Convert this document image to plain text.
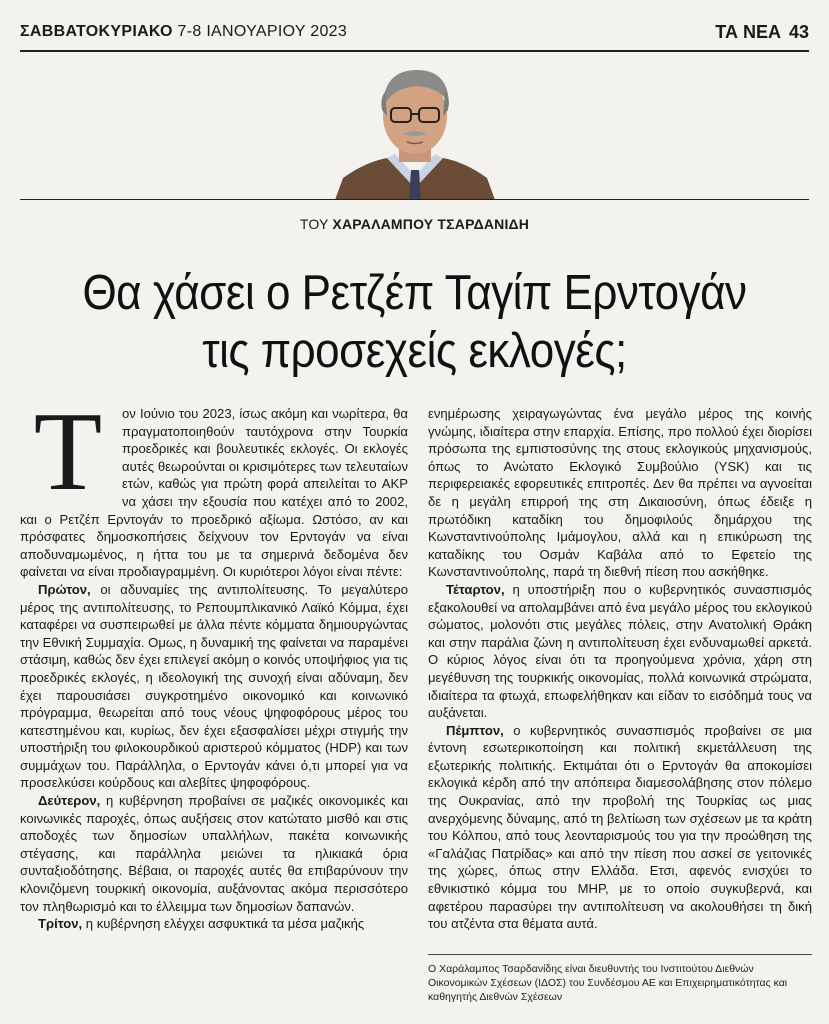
ΣΑΒΒΑΤΟΚΥΡΙΑΚΟ 7-8 ΙΑΝΟΥΑΡΙΟΥ 2023	ΤΑ ΝΕΑ 43
ΤΟΥ ΧΑΡΑΛΑΜΠΟΥ ΤΣΑΡΔΑΝΙΔΗ
Θα χάσει ο Ρετζέπ Ταγίπ Ερντογάν
τις προσεχείς εκλογές;

Τ	ον Ιούνιο του 2023, ίσως ακόμη και νωρίτερα, θα πραγματοποιηθούν ταυτόχρονα στην Τουρκία προεδρικές και βουλευτικές εκλογές. Οι εκλογές αυτές θεωρούνται οι κρισιμότερες των τελευταίων ετών, καθώς για πρώτη φορά απειλείται το AKP να χάσει την εξουσία που κατέχει από το 2002, και ο Ρετζέπ Ερντογάν το προεδρικό αξίωμα. Ωστόσο, αν και πρόσφατες δημοσκοπήσεις δείχνουν τον Ερντογάν να είναι αποδυναμωμένος, η ήττα του με τα σημερινά δεδομένα δεν φαίνεται να είναι προδιαγραμμένη. Οι κυριότεροι λόγοι είναι πέντε:

Πρώτον, οι αδυναμίες της αντιπολίτευσης. Το μεγαλύτερο μέρος της αντιπολίτευσης, το Ρεπουμπλικανικό Λαϊκό Κόμμα, έχει καταφέρει να συσπειρωθεί με άλλα πέντε κόμματα δημιουργώντας την Εθνική Συμμαχία. Ομως, η δυναμική της φαίνεται να παραμένει στάσιμη, καθώς δεν έχει επιλεγεί ακόμη ο κοινός υποψήφιος για τις προεδρικές εκλογές, η ιδεολογική της συνοχή είναι αδύναμη, δεν έχει παρουσιάσει συγκροτημένο οικονομικό και κοινωνικό πρόγραμμα, θεωρείται από τους νέους ψηφοφόρους μέρος του κατεστημένου και, κυρίως, δεν έχει εξασφαλίσει μέχρι στιγμής την υποστήριξη του φιλοκουρδικού αριστερού κόμματος (HDP) και των συμμάχων του. Παράλληλα, ο Ερντογάν κάνει ό,τι μπορεί για να προσελκύσει κούρδους και αλεβίτες ψηφοφόρους.

Δεύτερον, η κυβέρνηση προβαίνει σε μαζικές οικονομικές και κοινωνικές παροχές, όπως αυξήσεις στον κατώτατο μισθό και στις αποδοχές των δημοσίων υπαλλήλων, πακέτα κοινωνικής στέγασης, και παράλληλα μειώνει τα ηλικιακά όρια συνταξιοδότησης. Βέβαια, οι παροχές αυτές θα επιβαρύνουν την κλονιζόμενη τουρκική οικονομία, αυξάνοντας ακόμα περισσότερο τον πληθωρισμό και το έλλειμμα των δημοσίων δαπανών.

Τρίτον, η κυβέρνηση ελέγχει ασφυκτικά τα μέσα μαζικής

ενημέρωσης χειραγωγώντας ένα μεγάλο μέρος της κοινής γνώμης, ιδιαίτερα στην επαρχία. Επίσης, προ πολλού έχει διορίσει πρόσωπα της εμπιστοσύνης της στους εκλογικούς μηχανισμούς, όπως το Ανώτατο Εκλογικό Συμβούλιο (YSK) και τις περιφερειακές εφορευτικές επιτροπές. Δεν θα πρέπει να αγνοείται δε η μεγάλη επιρροή της στη Δικαιοσύνη, όπως έδειξε η πρωτόδικη καταδίκη του δημοφιλούς δημάρχου της Κωνσταντινούπολης Ιμάμογλου, αλλά και η επικύρωση της καταδίκης του Οσμάν Καβάλα από το Εφετείο της Κωνσταντινούπολης, παρά τη διεθνή πίεση που ασκήθηκε.

Τέταρτον, η υποστήριξη που ο κυβερνητικός συνασπισμός εξακολουθεί να απολαμβάνει από ένα μεγάλο μέρος του εκλογικού σώματος, μολονότι στις μεγάλες πόλεις, στην Ανατολική Θράκη και στην παράλια ζώνη η αντιπολίτευση έχει ενδυναμωθεί αρκετά. Ο κύριος λόγος είναι ότι τα προηγούμενα χρόνια, χάρη στη μεγέθυνση της τουρκικής οικονομίας, πολλά κοινωνικά στρώματα, ιδιαίτερα τα φτωχά, επωφελήθηκαν και είδαν το εισόδημά τους να αυξάνεται.

Πέμπτον, ο κυβερνητικός συνασπισμός προβαίνει σε μια έντονη εσωτερικοποίηση και πολιτική εκμετάλλευση της εξωτερικής πολιτικής. Εκτιμάται ότι ο Ερντογάν θα αποκομίσει εκλογικά κέρδη από την απόπειρα διαμεσολάβησης στον πόλεμο της Ουκρανίας, από την προβολή της Τουρκίας ως μιας ανερχόμενης δύναμης, από τη βελτίωση των σχέσεων με τα κράτη του Κόλπου, από τους λεονταρισμούς του για την προώθηση της «Γαλάζιας Πατρίδας» και από την πίεση που ασκεί σε γειτονικές της χώρες, όπως στην Ελλάδα. Ετσι, αφενός ενισχύει το εθνικιστικό κόμμα του MHP, με το οποίο συγκυβερνά, και αφετέρου παρασύρει την αντιπολίτευση να ακολουθήσει τη δική του ατζέντα στα θέματα αυτά.

Ο Χαράλαμπος Τσαρδανίδης είναι διευθυντής του Ινστιτούτου Διεθνών Οικονομικών Σχέσεων (ΙΔΟΣ) του Συνδέσμου ΑΕ και Επιχειρηματικότητας και καθηγητής Διεθνών Σχέσεων
